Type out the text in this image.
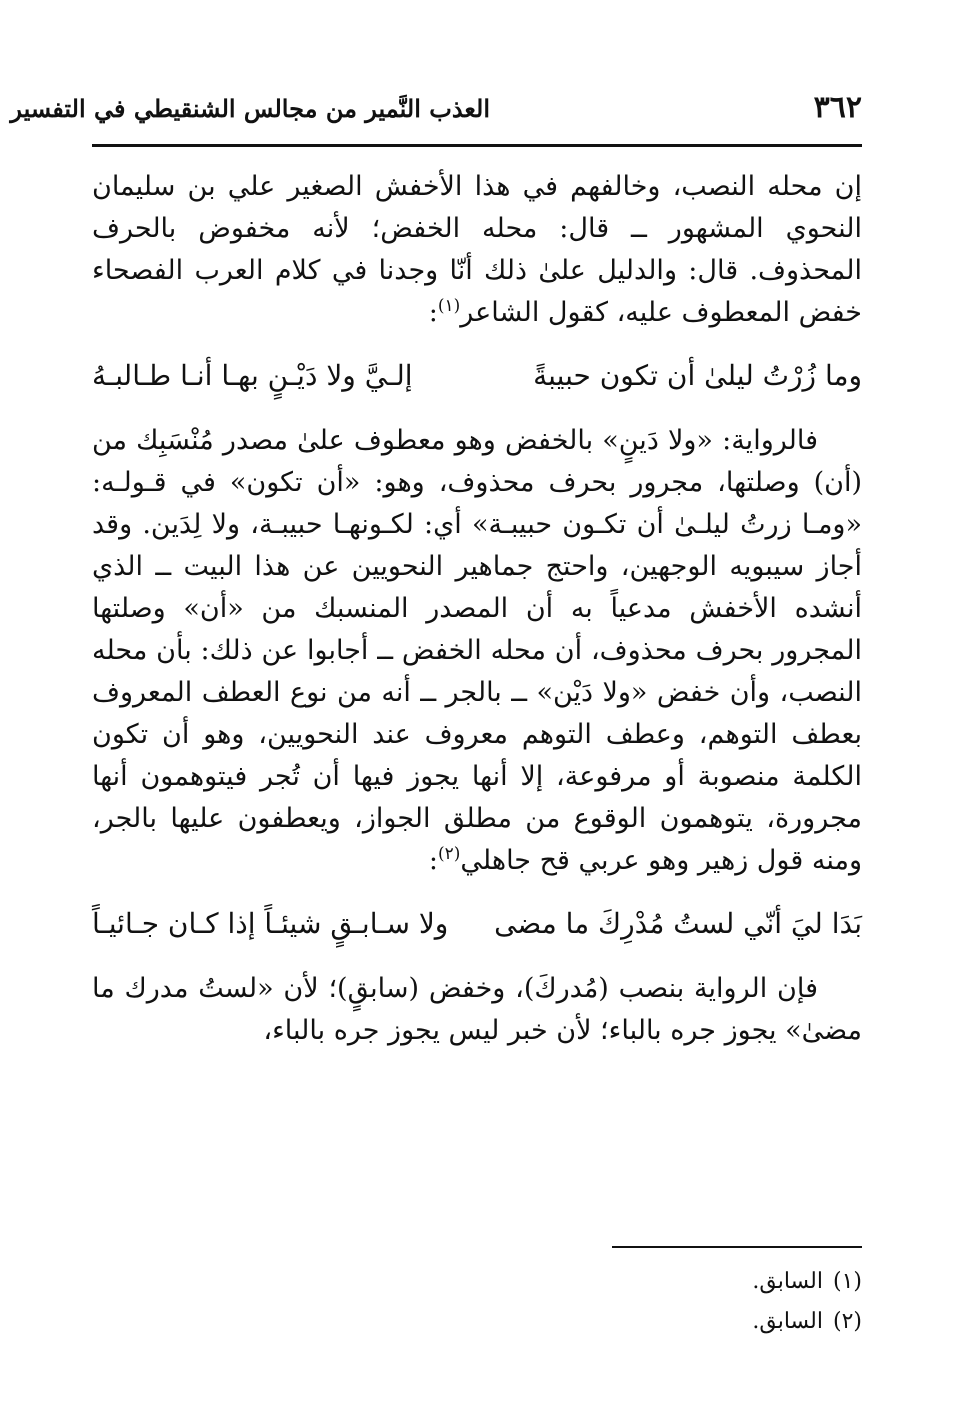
٣٦٢
العذب النَّمير من مجالس الشنقيطي في التفسير

إن محله النصب، وخالفهم في هذا الأخفش الصغير علي بن سليمان النحوي المشهور ــ قال: محله الخفض؛ لأنه مخفوض بالحرف المحذوف. قال: والدليل علىٰ ذلك أنّا وجدنا في كلام العرب الفصحاء خفض المعطوف عليه، كقول الشاعر$^{(١)}$:

وما زُرْتُ ليلىٰ أن تكون حبيبةً
إلـيَّ ولا دَيْـنٍ بهـا أنـا طـالبـهُ

فالرواية: «ولا دَينٍ» بالخفض وهو معطوف علىٰ مصدر مُنْسَبِك من (أن) وصلتها، مجرور بحرف محذوف، وهو: «أن تكون» في قـولـه: «ومـا زرتُ ليلـىٰ أن تكـون حبيبـة» أي: لكـونهـا حبيبـة، ولا لِدَين. وقد أجاز سيبويه الوجهين، واحتج جماهير النحويين عن هذا البيت ــ الذي أنشده الأخفش مدعياً به أن المصدر المنسبك من «أن» وصلتها المجرور بحرف محذوف، أن محله الخفض ــ أجابوا عن ذلك: بأن محله النصب، وأن خفض «ولا دَيْن» ــ بالجر ــ أنه من نوع العطف المعروف بعطف التوهم، وعطف التوهم معروف عند النحويين، وهو أن تكون الكلمة منصوبة أو مرفوعة، إلا أنها يجوز فيها أن تُجر فيتوهمون أنها مجرورة، يتوهمون الوقوع من مطلق الجواز، ويعطفون عليها بالجر، ومنه قول زهير وهو عربي قح جاهلي$^{(٢)}$:

بَدَا ليَ أنّي لستُ مُدْرِكَ ما مضى
ولا سـابـقٍ شيئـاً إذا كـان جـائيـاً

فإن الرواية بنصب (مُدركَ)، وخفض (سابقٍ)؛ لأن «لستُ مدرك ما مضىٰ» يجوز جره بالباء؛ لأن خبر ليس يجوز جره بالباء،

(١)
السابق.
(٢)
السابق.
